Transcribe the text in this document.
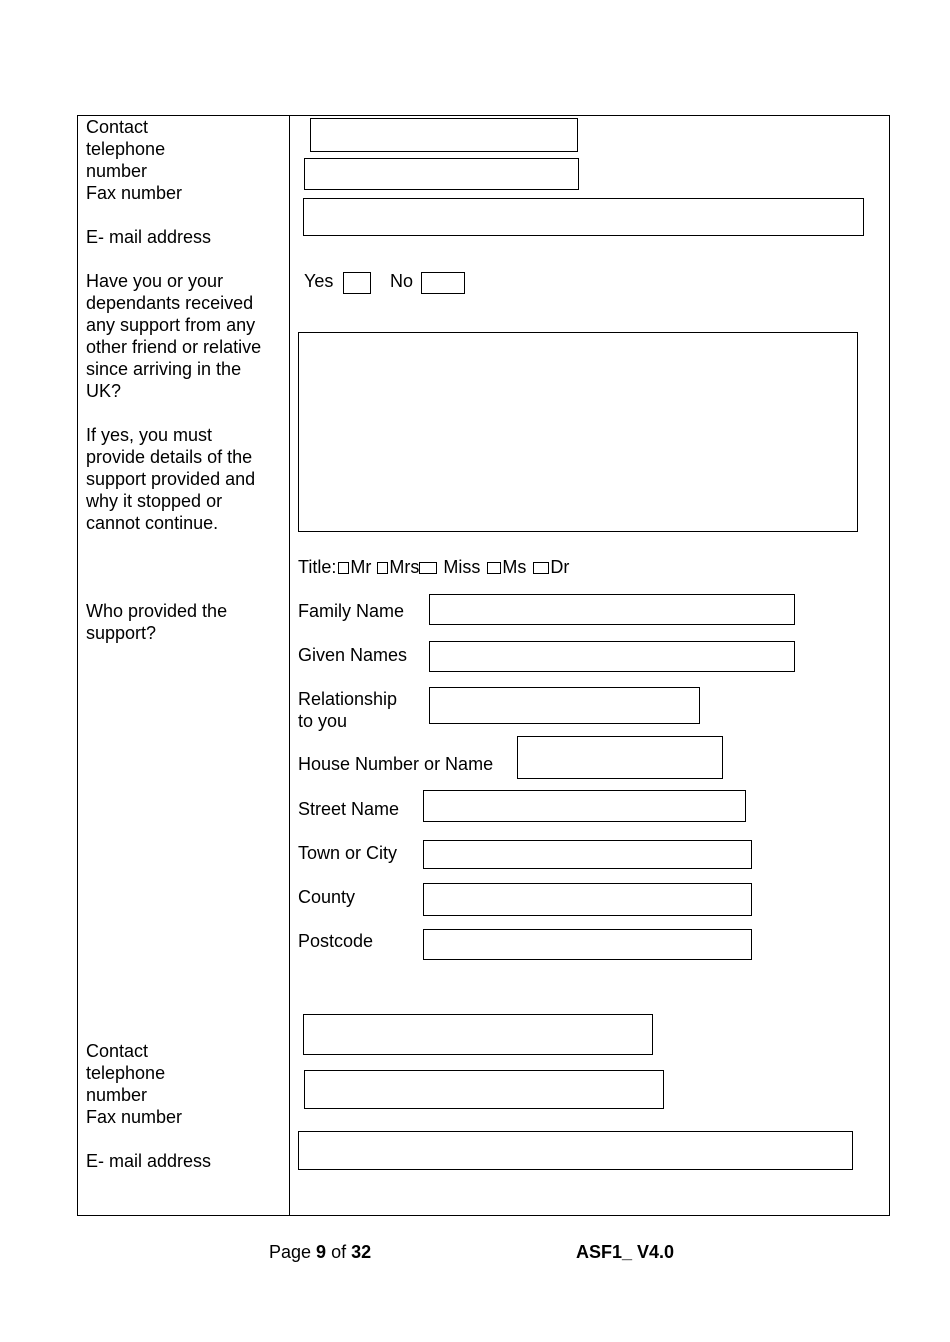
Contact
telephone
number
Fax number
E- mail address
Have you or your
dependants received
any support from any
other friend or relative
since arriving in the
UK?
Yes	No
If yes, you must
provide details of the
support provided and
why it stopped or
cannot continue.
Title: Mr Mrs Miss Ms Dr
Who provided the
support?
Family Name
Given Names
Relationship
to you
House Number or Name
Street Name
Town or City
County
Postcode
Contact
telephone
number
Fax number
E- mail address
Page 9 of 32	ASF1_ V4.0
